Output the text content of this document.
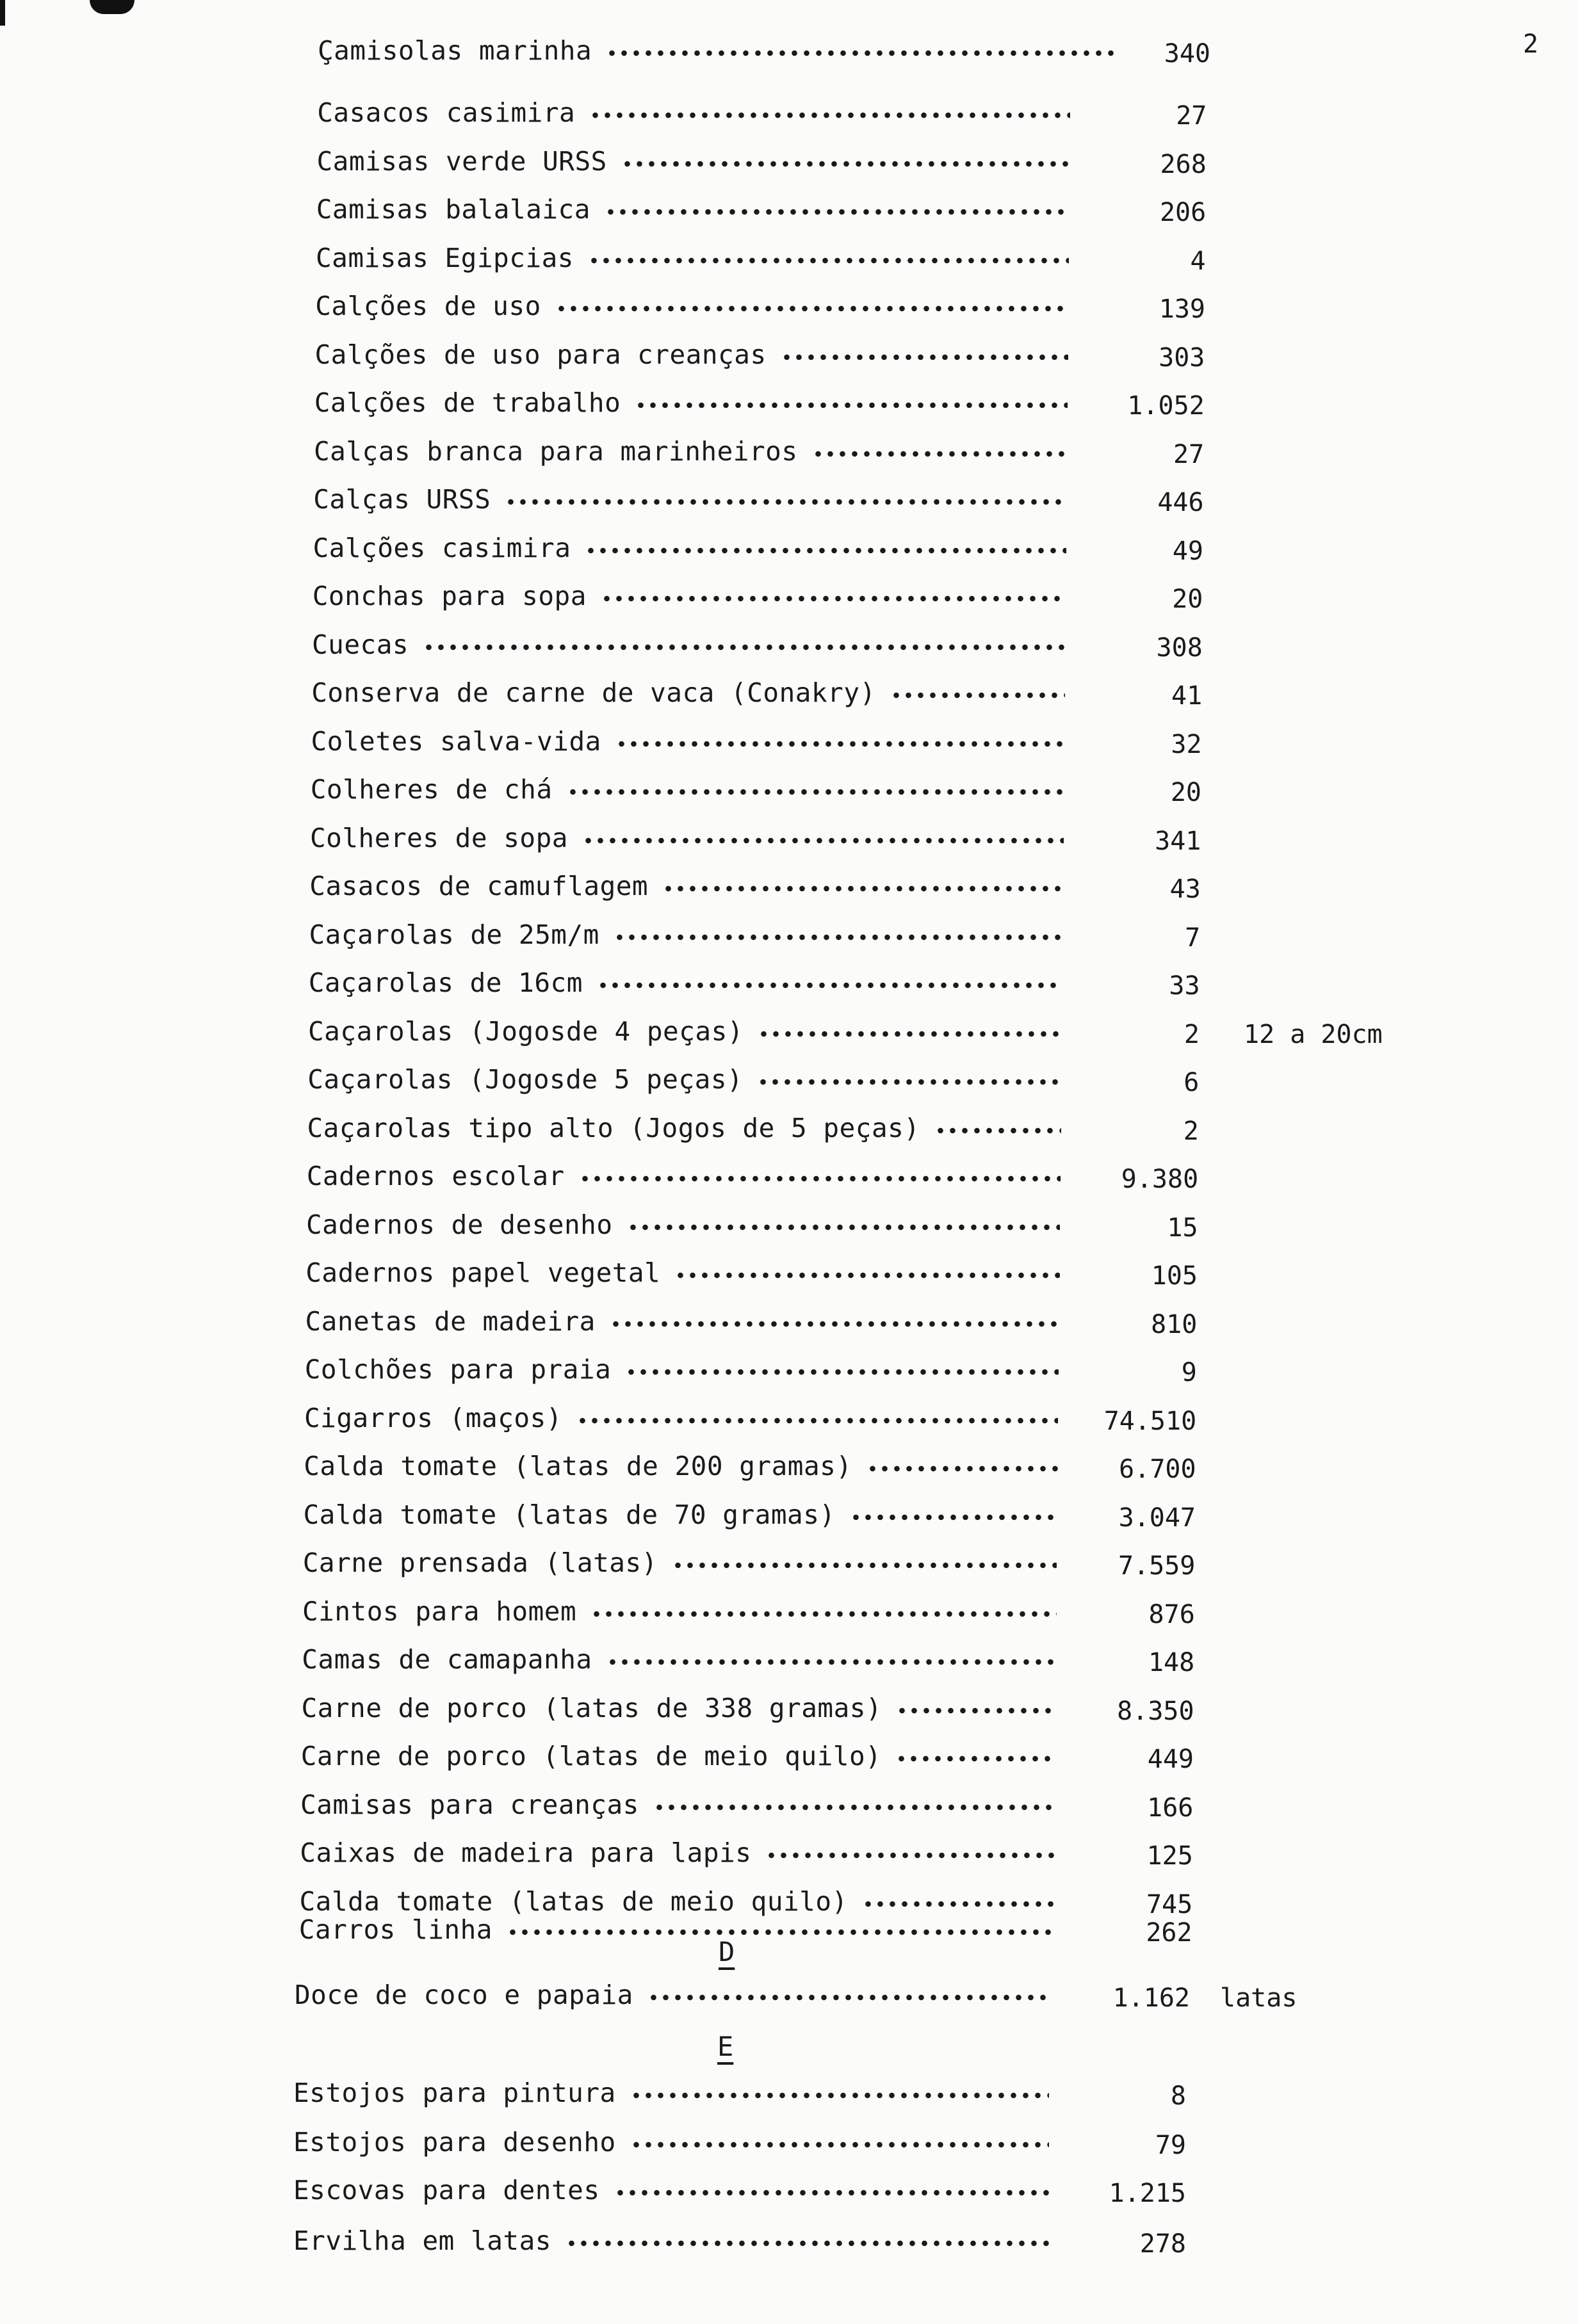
2
Çamisolas marinha	340
Casacos casimira	27
Camisas verde URSS	268
Camisas balalaica	206
Camisas Egipcias	4
Calções de uso	139
Calções de uso para creanças	303
Calções de trabalho	1.052
Calças branca para marinheiros	27
Calças URSS	446
Calções casimira	49
Conchas para sopa	20
Cuecas	308
Conserva de carne de vaca (Conakry)	41
Coletes salva-vida	32
Colheres de chá	20
Colheres de sopa	341
Casacos de camuflagem	43
Caçarolas de 25m/m	7
Caçarolas de 16cm	33
Caçarolas (Jogosde 4 peças)	2 12 a 20cm
Caçarolas (Jogosde 5 peças)	6
Caçarolas tipo alto (Jogos de 5 peças)	2
Cadernos escolar	9.380
Cadernos de desenho	15
Cadernos papel vegetal	105
Canetas de madeira	810
Colchões para praia	9
Cigarros (maços)	74.510
Calda tomate (latas de 200 gramas)	6.700
Calda tomate (latas de 70 gramas)	3.047
Carne prensada (latas)	7.559
Cintos para homem	876
Camas de camapanha	148
Carne de porco (latas de 338 gramas)	8.350
Carne de porco (latas de meio quilo)	449
Camisas para creanças	166
Caixas de madeira para lapis	125
Calda tomate (latas de meio quilo)	745
Carros linha	262
D
Doce de coco e papaia	1.162 latas
E
Estojos para pintura	8
Estojos para desenho	79
Escovas para dentes	1.215
Ervilha em latas	278
